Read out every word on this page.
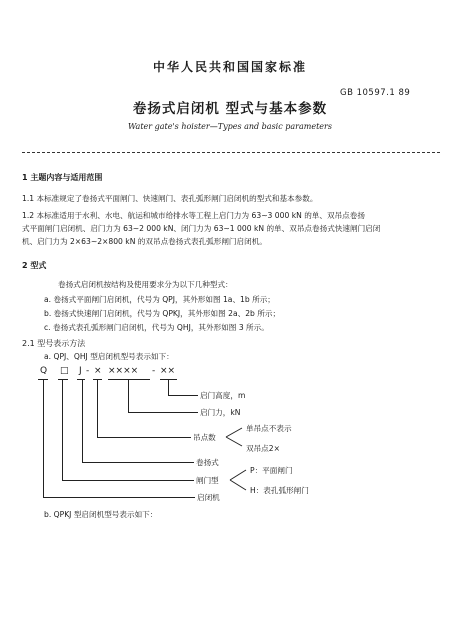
中华人民共和国国家标准
GB 10597.1 89
卷扬式启闭机 型式与基本参数
Water gate's hoister—Types and basic parameters
1 主题内容与适用范围
1.1 本标准规定了卷扬式平面闸门、快速闸门、表孔弧形闸门启闭机的型式和基本参数。
1.2 本标准适用于水利、水电、航运和城市给排水等工程上启门力为 63~3 000 kN 的单、双吊点卷扬
式平面闸门启闭机、启门力为 63~2 000 kN、闭门力为 63~1 000 kN 的单、双吊点卷扬式快速闸门启闭
机、启门力为 2×63~2×800 kN 的双吊点卷扬式表孔弧形闸门启闭机。
2 型式
卷扬式启闭机按结构及使用要求分为以下几种型式：
a. 卷扬式平面闸门启闭机，代号为 QPJ，其外形如图 1a、1b 所示；
b. 卷扬式快速闸门启闭机，代号为 QPKJ，其外形如图 2a、2b 所示；
c. 卷扬式表孔弧形闸门启闭机，代号为 QHJ，其外形如图 3 所示。
2.1 型号表示方法
a. QPJ、QHJ 型启闭机型号表示如下：
Q □ J - × ×××× - ××
启门高度，m
启门力，kN
吊点数
单吊点不表示
双吊点2×
卷扬式
闸门型
P：平面闸门
H：表孔弧形闸门
启闭机
b. QPKJ 型启闭机型号表示如下：
